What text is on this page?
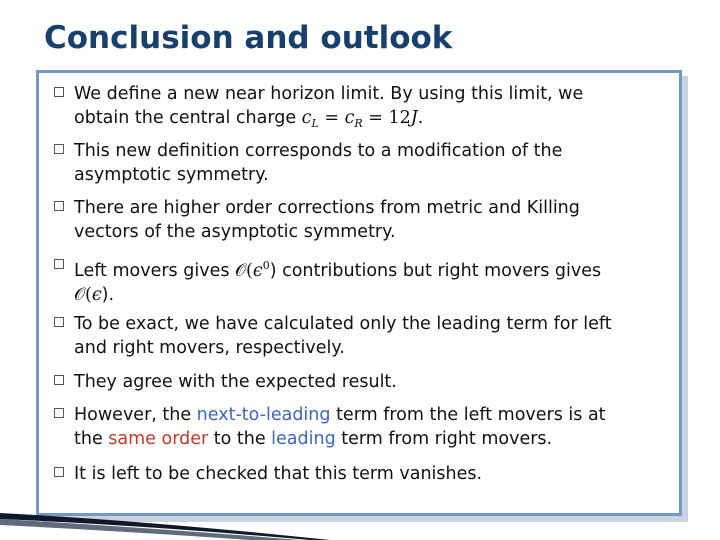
Conclusion and outlook
We define a new near horizon limit. By using this limit, we
obtain the central charge $c_L = c_R = 12J$.
This new definition corresponds to a modification of the
asymptotic symmetry.
There are higher order corrections from metric and Killing
vectors of the asymptotic symmetry.
Left movers gives $𝒪(\epsilon^0)$ contributions but right movers gives
𝒪(ϵ).
To be exact, we have calculated only the leading term for left
and right movers, respectively.
They agree with the expected result.
However, the next-to-leading term from the left movers is at
the same order to the leading term from right movers.
It is left to be checked that this term vanishes.
